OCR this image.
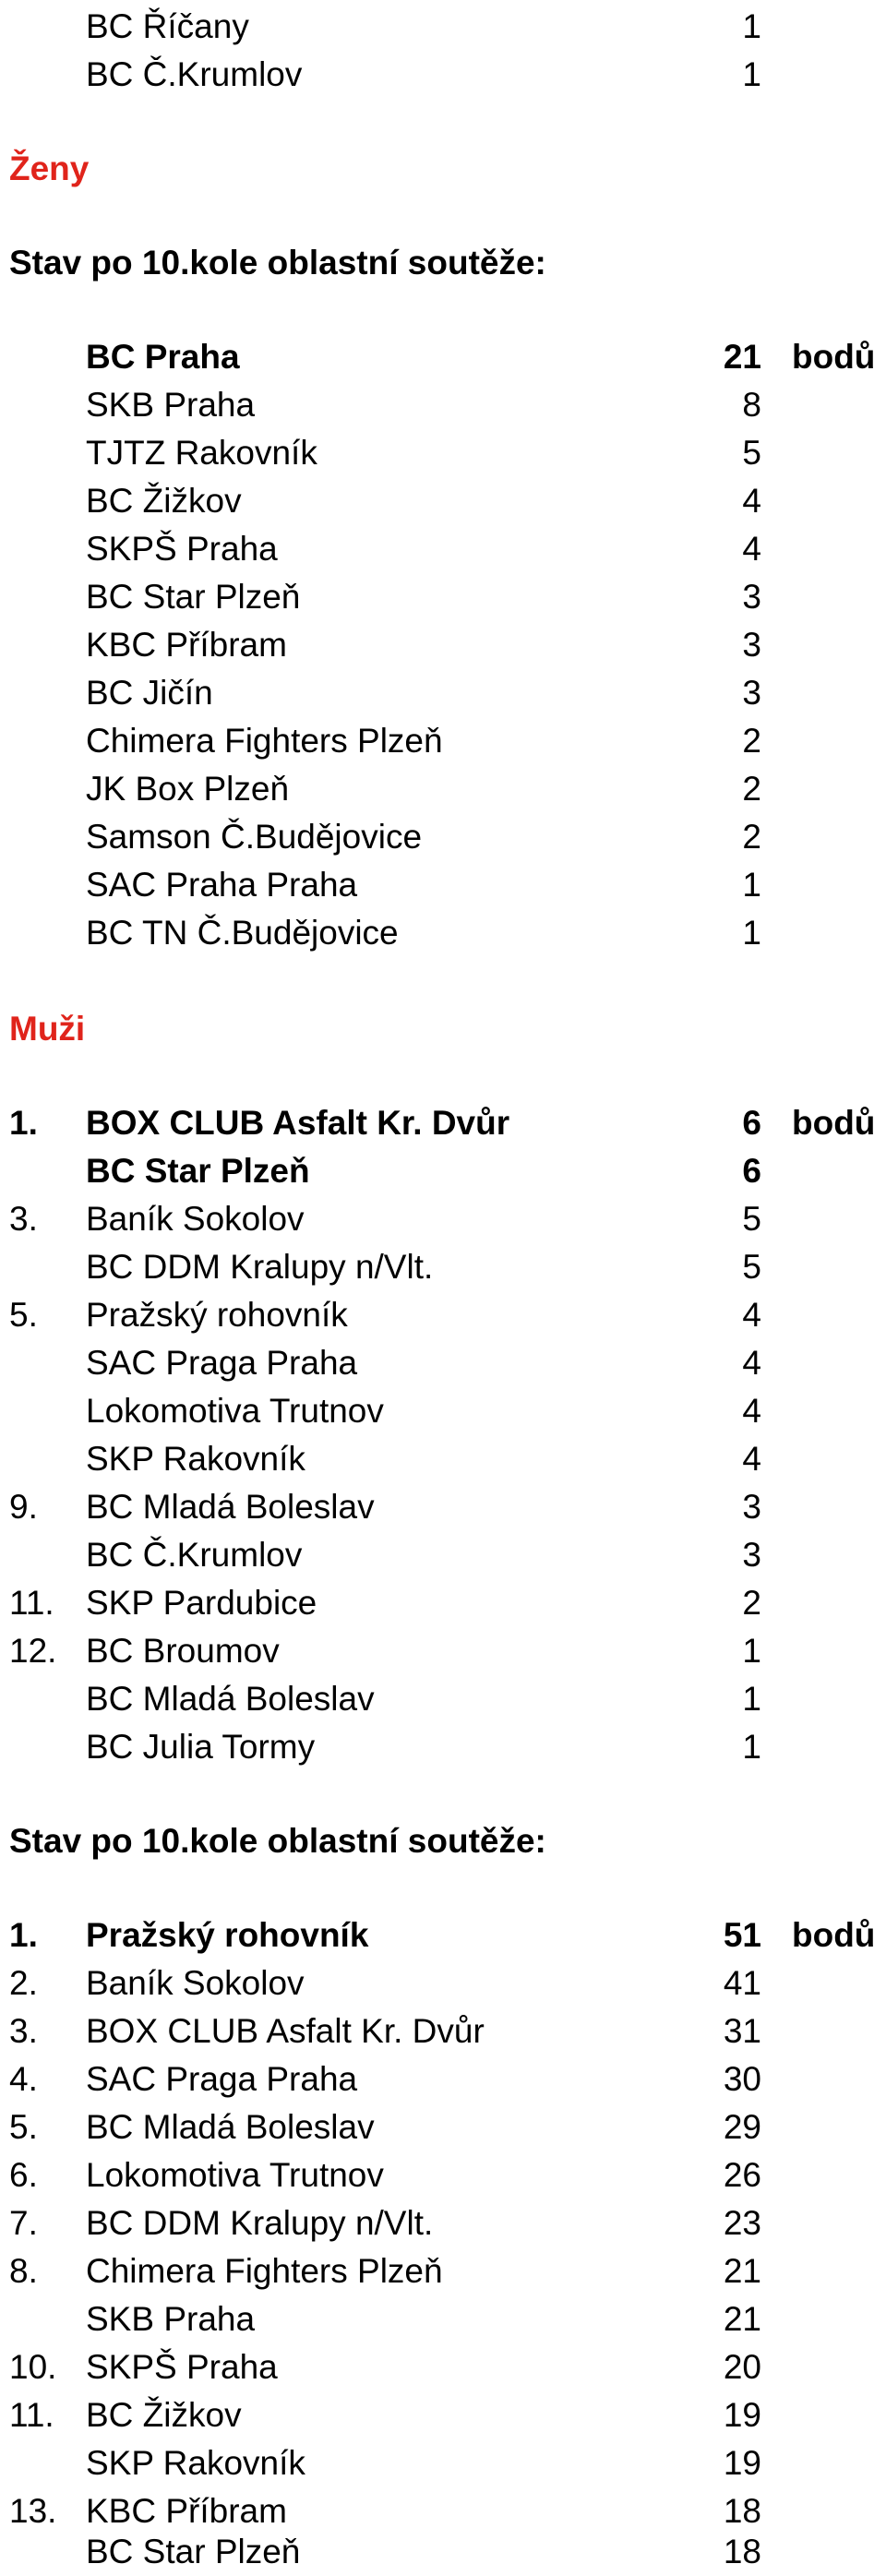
BC Říčany	1
BC Č.Krumlov	1
Ženy
Stav po 10.kole oblastní soutěže:
BC Praha	21 bodů
SKB Praha	8
TJTZ Rakovník	5
BC Žižkov	4
SKPŠ Praha	4
BC Star Plzeň	3
KBC Příbram	3
BC Jičín	3
Chimera Fighters Plzeň	2
JK Box Plzeň	2
Samson Č.Budějovice	2
SAC Praha Praha	1
BC TN Č.Budějovice	1
Muži
1. BOX CLUB Asfalt Kr. Dvůr	6 bodů
BC Star Plzeň	6
3. Baník Sokolov	5
BC DDM Kralupy n/Vlt.	5
5. Pražský rohovník	4
SAC Praga Praha	4
Lokomotiva Trutnov	4
SKP Rakovník	4
9. BC Mladá Boleslav	3
BC Č.Krumlov	3
11. SKP Pardubice	2
12. BC Broumov	1
BC Mladá Boleslav	1
BC Julia Tormy	1
Stav po 10.kole oblastní soutěže:
1. Pražský rohovník	51 bodů
2. Baník Sokolov	41
3. BOX CLUB Asfalt Kr. Dvůr	31
4. SAC Praga Praha	30
5. BC Mladá Boleslav	29
6. Lokomotiva Trutnov	26
7. BC DDM Kralupy n/Vlt.	23
8. Chimera Fighters Plzeň	21
SKB Praha	21
10. SKPŠ Praha	20
11. BC Žižkov	19
SKP Rakovník	19
13. KBC Příbram	18
BC Star Plzeň	18
